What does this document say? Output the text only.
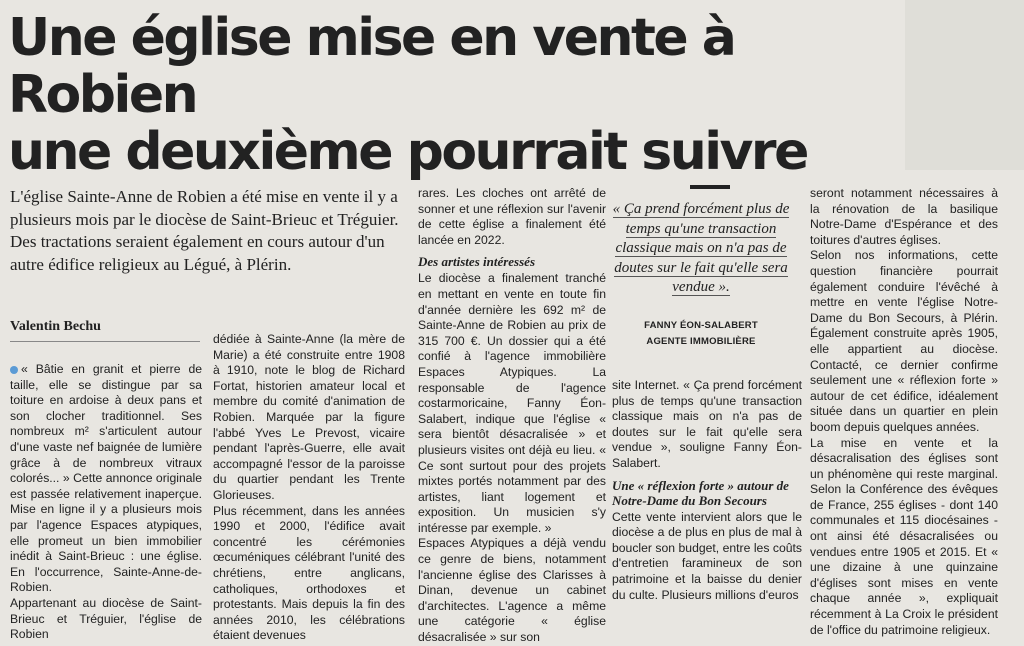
Une église mise en vente à Robien
une deuxième pourrait suivre

L'église Sainte-Anne de Robien a été mise en vente il y a plusieurs mois par le diocèse de Saint-Brieuc et Tréguier. Des tractations seraient également en cours autour d'un autre édifice religieux au Légué, à Plérin.

Valentin Bechu

« Bâtie en granit et pierre de taille, elle se distingue par sa toiture en ardoise à deux pans et son clocher traditionnel. Ses nombreux m² s'articulent autour d'une vaste nef baignée de lumière grâce à de nombreux vitraux colorés... » Cette annonce originale est passée relativement inaperçue. Mise en ligne il y a plusieurs mois par l'agence Espaces atypiques, elle promeut un bien immobilier inédit à Saint-Brieuc : une église. En l'occurrence, Sainte-Anne-de-Robien.

Appartenant au diocèse de Saint-Brieuc et Tréguier, l'église de Robien

dédiée à Sainte-Anne (la mère de Marie) a été construite entre 1908 à 1910, note le blog de Richard Fortat, historien amateur local et membre du comité d'animation de Robien. Marquée par la figure l'abbé Yves Le Prevost, vicaire pendant l'après-Guerre, elle avait accompagné l'essor de la paroisse du quartier pendant les Trente Glorieuses.

Plus récemment, dans les années 1990 et 2000, l'édifice avait concentré les cérémonies œcuméniques célébrant l'unité des chrétiens, entre anglicans, catholiques, orthodoxes et protestants. Mais depuis la fin des années 2010, les célébrations étaient devenues

rares. Les cloches ont arrêté de sonner et une réflexion sur l'avenir de cette église a finalement été lancée en 2022.

Des artistes intéressés

Le diocèse a finalement tranché en mettant en vente en toute fin d'année dernière les 692 m² de Sainte-Anne de Robien au prix de 315 700 €. Un dossier qui a été confié à l'agence immobilière Espaces Atypiques. La responsable de l'agence costarmoricaine, Fanny Éon-Salabert, indique que l'église « sera bientôt désacralisée » et plusieurs visites ont déjà eu lieu. « Ce sont surtout pour des projets mixtes portés notamment par des artistes, liant logement et exposition. Un musicien s'y intéresse par exemple. »

Espaces Atypiques a déjà vendu ce genre de biens, notamment l'ancienne église des Clarisses à Dinan, devenue un cabinet d'architectes. L'agence a même une catégorie « église désacralisée » sur son

« Ça prend forcément plus de temps qu'une transaction classique mais on n'a pas de doutes sur le fait qu'elle sera vendue ».
FANNY ÉON-SALABERT
AGENTE IMMOBILIÈRE

site Internet. « Ça prend forcément plus de temps qu'une transaction classique mais on n'a pas de doutes sur le fait qu'elle sera vendue », souligne Fanny Éon-Salabert.

Une « réflexion forte » autour de Notre-Dame du Bon Secours

Cette vente intervient alors que le diocèse a de plus en plus de mal à boucler son budget, entre les coûts d'entretien faramineux de son patrimoine et la baisse du denier du culte. Plusieurs millions d'euros

seront notamment nécessaires à la rénovation de la basilique Notre-Dame d'Espérance et des toitures d'autres églises.

Selon nos informations, cette question financière pourrait également conduire l'évêché à mettre en vente l'église Notre-Dame du Bon Secours, à Plérin. Également construite après 1905, elle appartient au diocèse. Contacté, ce dernier confirme seulement une « réflexion forte » autour de cet édifice, idéalement située dans un quartier en plein boom depuis quelques années.

La mise en vente et la désacralisation des églises sont un phénomène qui reste marginal. Selon la Conférence des évêques de France, 255 églises - dont 140 communales et 115 diocésaines - ont ainsi été désacralisées ou vendues entre 1905 et 2015. Et « une dizaine à une quinzaine d'églises sont mises en vente chaque année », expliquait récemment à La Croix le président de l'office du patrimoine religieux.
